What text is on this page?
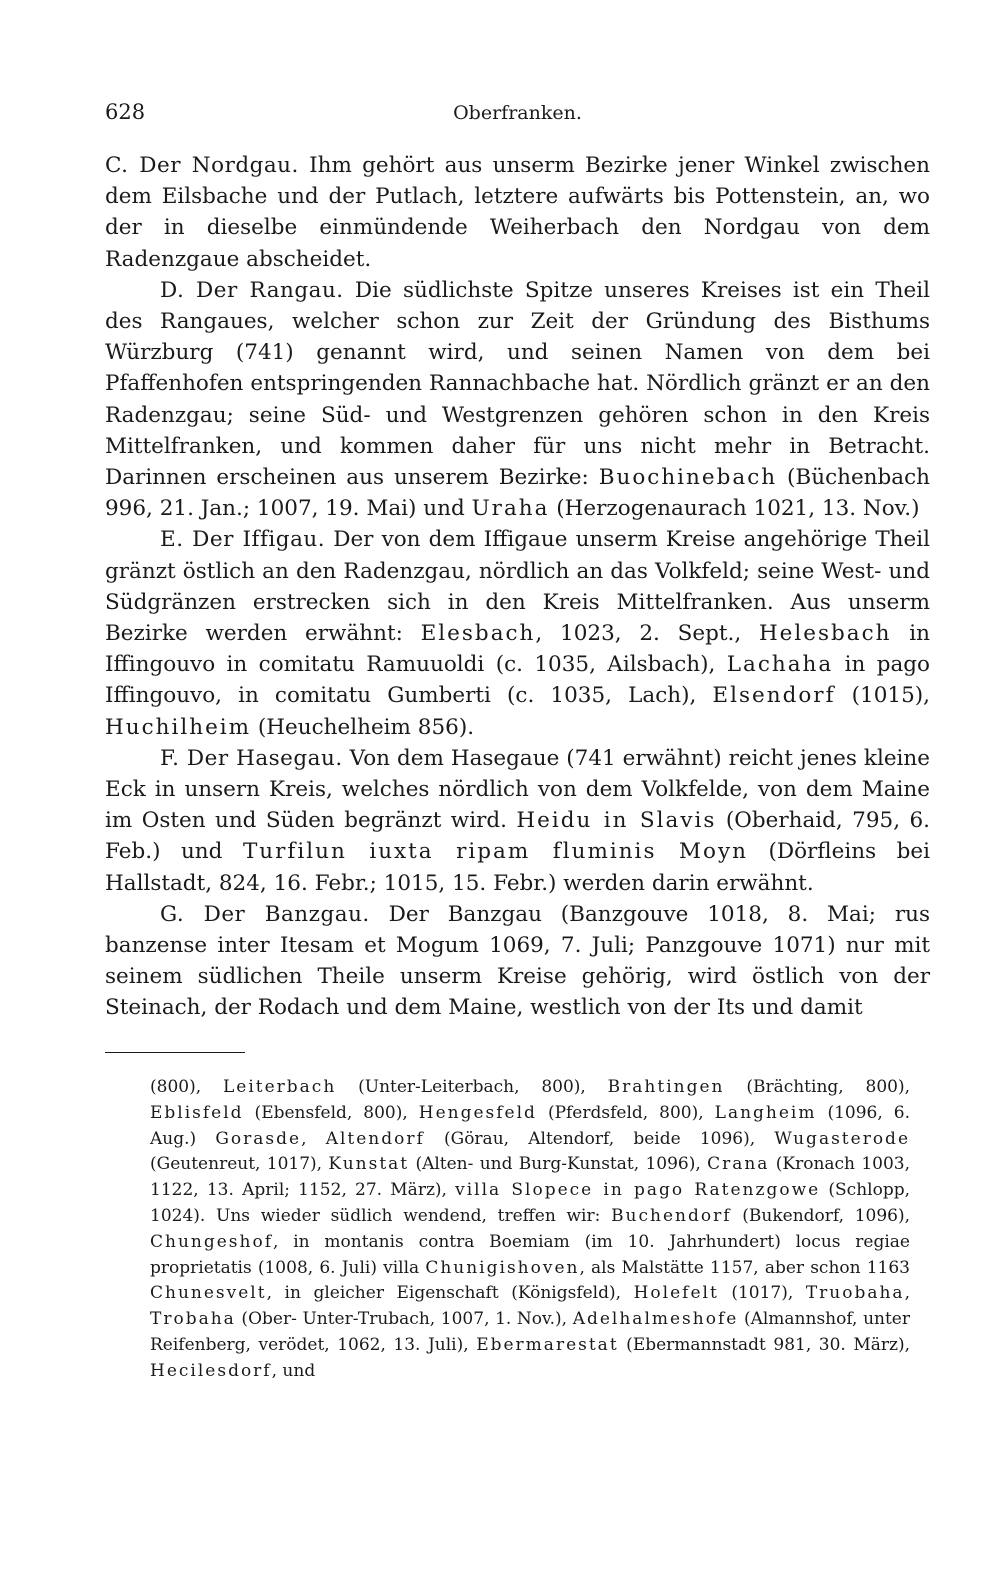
628	Oberfranken.

C. Der Nordgau. Ihm gehört aus unserm Bezirke jener Winkel zwischen dem Eilsbache und der Putlach, letztere aufwärts bis Pottenstein, an, wo der in dieselbe einmündende Weiherbach den Nordgau von dem Radenzgaue abscheidet.

D. Der Rangau. Die südlichste Spitze unseres Kreises ist ein Theil des Rangaues, welcher schon zur Zeit der Gründung des Bisthums Würzburg (741) genannt wird, und seinen Namen von dem bei Pfaffenhofen entspringenden Rannachbache hat. Nördlich gränzt er an den Radenzgau; seine Süd- und Westgrenzen gehören schon in den Kreis Mittelfranken, und kommen daher für uns nicht mehr in Betracht. Darinnen erscheinen aus unserem Bezirke: Buochinebach (Büchenbach 996, 21. Jan.; 1007, 19. Mai) und Uraha (Herzogenaurach 1021, 13. Nov.)

E. Der Iffigau. Der von dem Iffigaue unserm Kreise angehörige Theil gränzt östlich an den Radenzgau, nördlich an das Volkfeld; seine West- und Südgränzen erstrecken sich in den Kreis Mittelfranken. Aus unserm Bezirke werden erwähnt: Elesbach, 1023, 2. Sept., Helesbach in Iffingouvo in comitatu Ramuuoldi (c. 1035, Ailsbach), Lachaha in pago Iffingouvo, in comitatu Gumberti (c. 1035, Lach), Elsendorf (1015), Huchilheim (Heuchelheim 856).

F. Der Hasegau. Von dem Hasegaue (741 erwähnt) reicht jenes kleine Eck in unsern Kreis, welches nördlich von dem Volkfelde, von dem Maine im Osten und Süden begränzt wird. Heidu in Slavis (Oberhaid, 795, 6. Feb.) und Turfilun iuxta ripam fluminis Moyn (Dörfleins bei Hallstadt, 824, 16. Febr.; 1015, 15. Febr.) werden darin erwähnt.

G. Der Banzgau. Der Banzgau (Banzgouve 1018, 8. Mai; rus banzense inter Itesam et Mogum 1069, 7. Juli; Panzgouve 1071) nur mit seinem südlichen Theile unserm Kreise gehörig, wird östlich von der Steinach, der Rodach und dem Maine, westlich von der Its und damit

(800), Leiterbach (Unter-Leiterbach, 800), Brahtingen (Brächting, 800), Eblisfeld (Ebensfeld, 800), Hengesfeld (Pferdsfeld, 800), Langheim (1096, 6. Aug.) Gorasde, Altendorf (Görau, Altendorf, beide 1096), Wugasterode (Geutenreut, 1017), Kunstat (Alten- und Burg-Kunstat, 1096), Crana (Kronach 1003, 1122, 13. April; 1152, 27. März), villa Slopece in pago Ratenzgowe (Schlopp, 1024). Uns wieder südlich wendend, treffen wir: Buchendorf (Bukendorf, 1096), Chungeshof, in montanis contra Boemiam (im 10. Jahrhundert) locus regiae proprietatis (1008, 6. Juli) villa Chunigishoven, als Malstätte 1157, aber schon 1163 Chunesvelt, in gleicher Eigenschaft (Königsfeld), Holefelt (1017), Truobaha, Trobaha (Ober- Unter-Trubach, 1007, 1. Nov.), Adelhalmeshofe (Almannshof, unter Reifenberg, verödet, 1062, 13. Juli), Ebermarestat (Ebermannstadt 981, 30. März), Hecilesdorf, und
